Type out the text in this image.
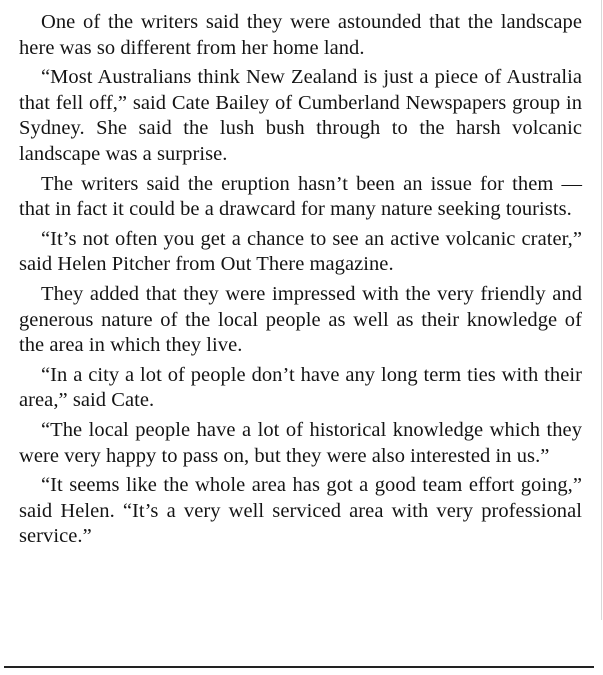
One of the writers said they were astounded that the landscape here was so different from her home land.

“Most Australians think New Zealand is just a piece of Australia that fell off,” said Cate Bailey of Cumberland Newspapers group in Sydney. She said the lush bush through to the harsh volcanic landscape was a surprise.

The writers said the eruption hasn’t been an issue for them — that in fact it could be a drawcard for many nature seeking tourists.

“It’s not often you get a chance to see an active volcanic crater,” said Helen Pitcher from Out There magazine.

They added that they were impressed with the very friendly and generous nature of the local people as well as their knowledge of the area in which they live.

“In a city a lot of people don’t have any long term ties with their area,” said Cate.

“The local people have a lot of historical knowledge which they were very happy to pass on, but they were also interested in us.”

“It seems like the whole area has got a good team effort going,” said Helen. “It’s a very well serviced area with very professional service.”
